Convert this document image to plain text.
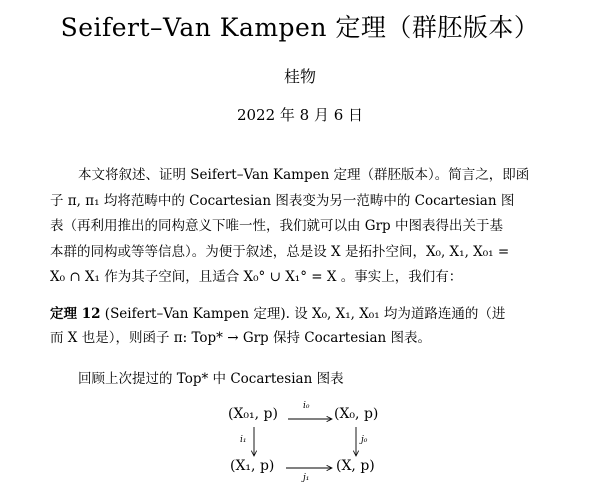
Seifert–Van Kampen 定理（群胚版本）
桂物
2022 年 8 月 6 日
本文将叙述、证明 Seifert–Van Kampen 定理（群胚版本）。简言之，即函
子 π, π₁ 均将范畴中的 Cocartesian 图表变为另一范畴中的 Cocartesian 图
表（再利用推出的同构意义下唯一性，我们就可以由 Grp 中图表得出关于基
本群的同构或等等信息）。为便于叙述，总是设 X 是拓扑空间，X₀, X₁, X₀₁ =
X₀ ∩ X₁ 作为其子空间，且适合 X₀° ∪ X₁° = X 。事实上，我们有：
定理 12 (Seifert–Van Kampen 定理). 设 X₀, X₁, X₀₁ 均为道路连通的（进
而 X 也是），则函子 π: Top* → Grp 保持 Cocartesian 图表。
回顾上次提过的 Top* 中 Cocartesian 图表
(X₀₁, p)	(X₀, p)
(X₁, p)	(X, p)
i₀
i₁	j₀
j₁
